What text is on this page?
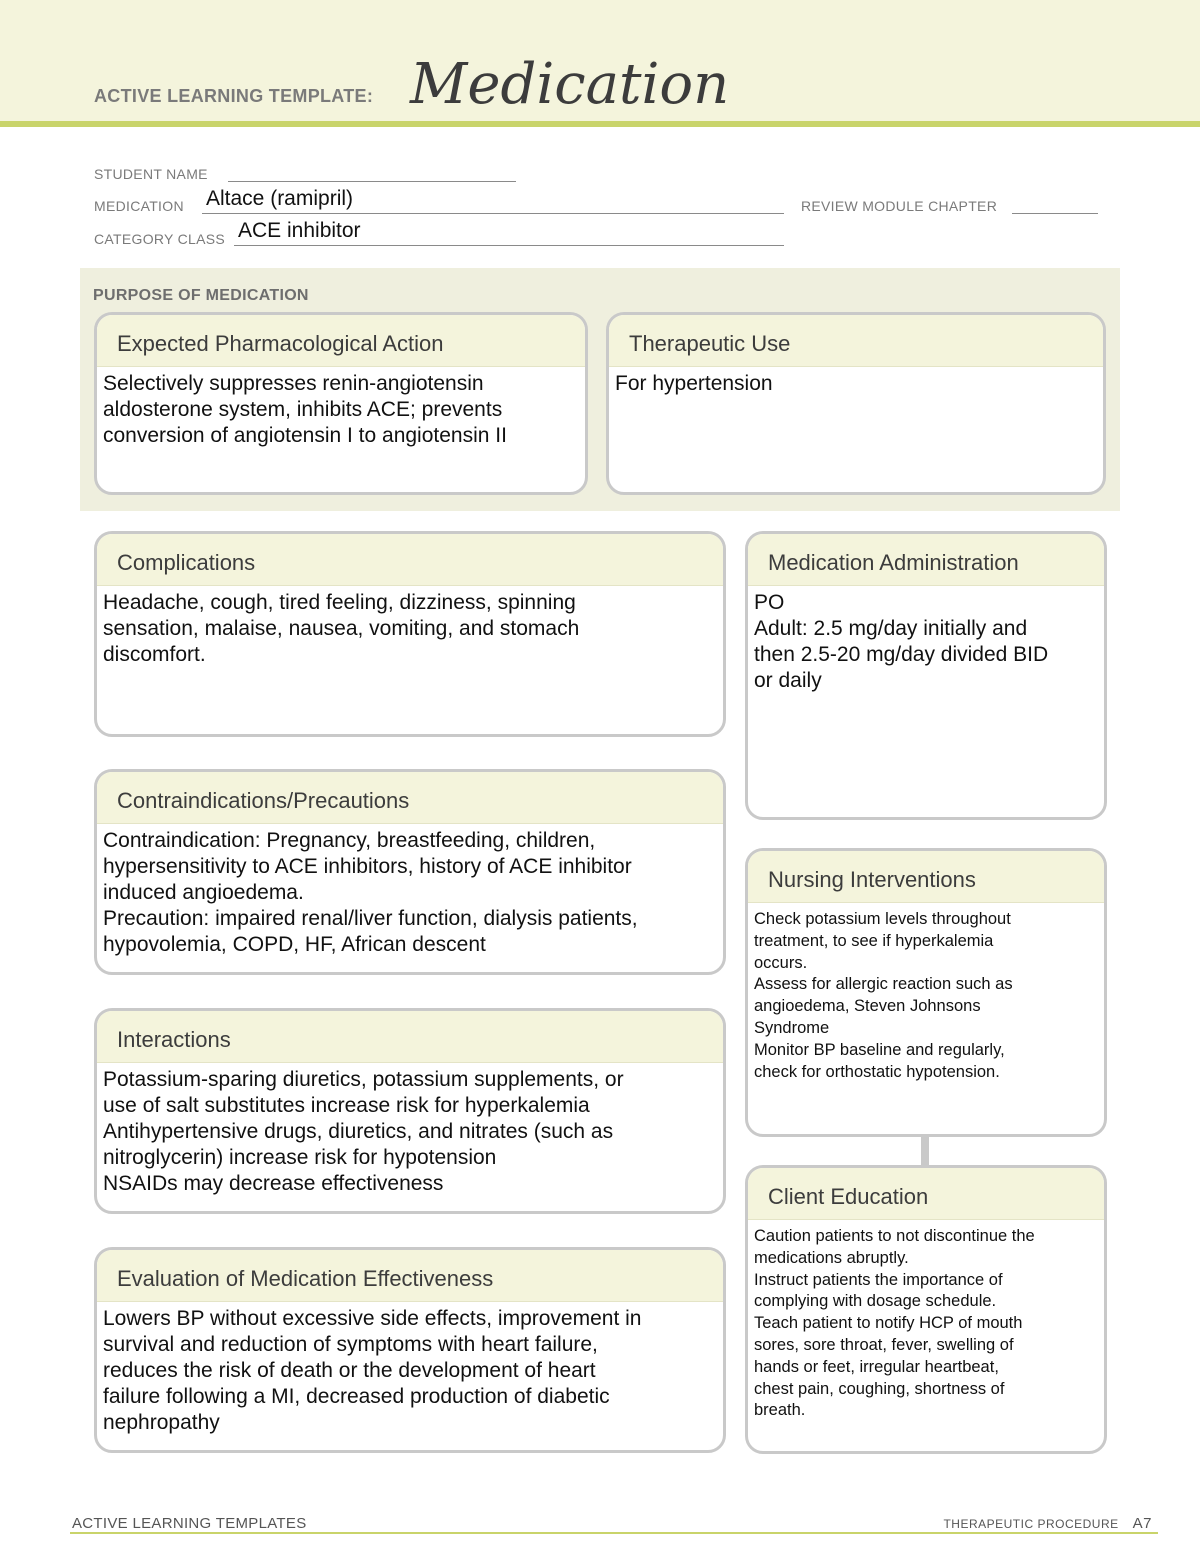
ACTIVE LEARNING TEMPLATE: Medication
STUDENT NAME
MEDICATION Altace (ramipril)	REVIEW MODULE CHAPTER
CATEGORY CLASS ACE inhibitor
PURPOSE OF MEDICATION
Expected Pharmacological Action
Selectively suppresses renin-angiotensin
aldosterone system, inhibits ACE; prevents
conversion of angiotensin I to angiotensin II
Therapeutic Use
For hypertension
Complications
Headache, cough, tired feeling, dizziness, spinning
sensation, malaise, nausea, vomiting, and stomach
discomfort.
Contraindications/Precautions
Contraindication: Pregnancy, breastfeeding, children,
hypersensitivity to ACE inhibitors, history of ACE inhibitor
induced angioedema.
Precaution: impaired renal/liver function, dialysis patients,
hypovolemia, COPD, HF, African descent
Interactions
Potassium-sparing diuretics, potassium supplements, or
use of salt substitutes increase risk for hyperkalemia
Antihypertensive drugs, diuretics, and nitrates (such as
nitroglycerin) increase risk for hypotension
NSAIDs may decrease effectiveness
Evaluation of Medication Effectiveness
Lowers BP without excessive side effects, improvement in
survival and reduction of symptoms with heart failure,
reduces the risk of death or the development of heart
failure following a MI, decreased production of diabetic
nephropathy
Medication Administration
PO
Adult: 2.5 mg/day initially and
then 2.5-20 mg/day divided BID
or daily
Nursing Interventions
Check potassium levels throughout
treatment, to see if hyperkalemia
occurs.
Assess for allergic reaction such as
angioedema, Steven Johnsons
Syndrome
Monitor BP baseline and regularly,
check for orthostatic hypotension.
Client Education
Caution patients to not discontinue the
medications abruptly.
Instruct patients the importance of
complying with dosage schedule.
Teach patient to notify HCP of mouth
sores, sore throat, fever, swelling of
hands or feet, irregular heartbeat,
chest pain, coughing, shortness of
breath.
ACTIVE LEARNING TEMPLATES	THERAPEUTIC PROCEDURE A7
